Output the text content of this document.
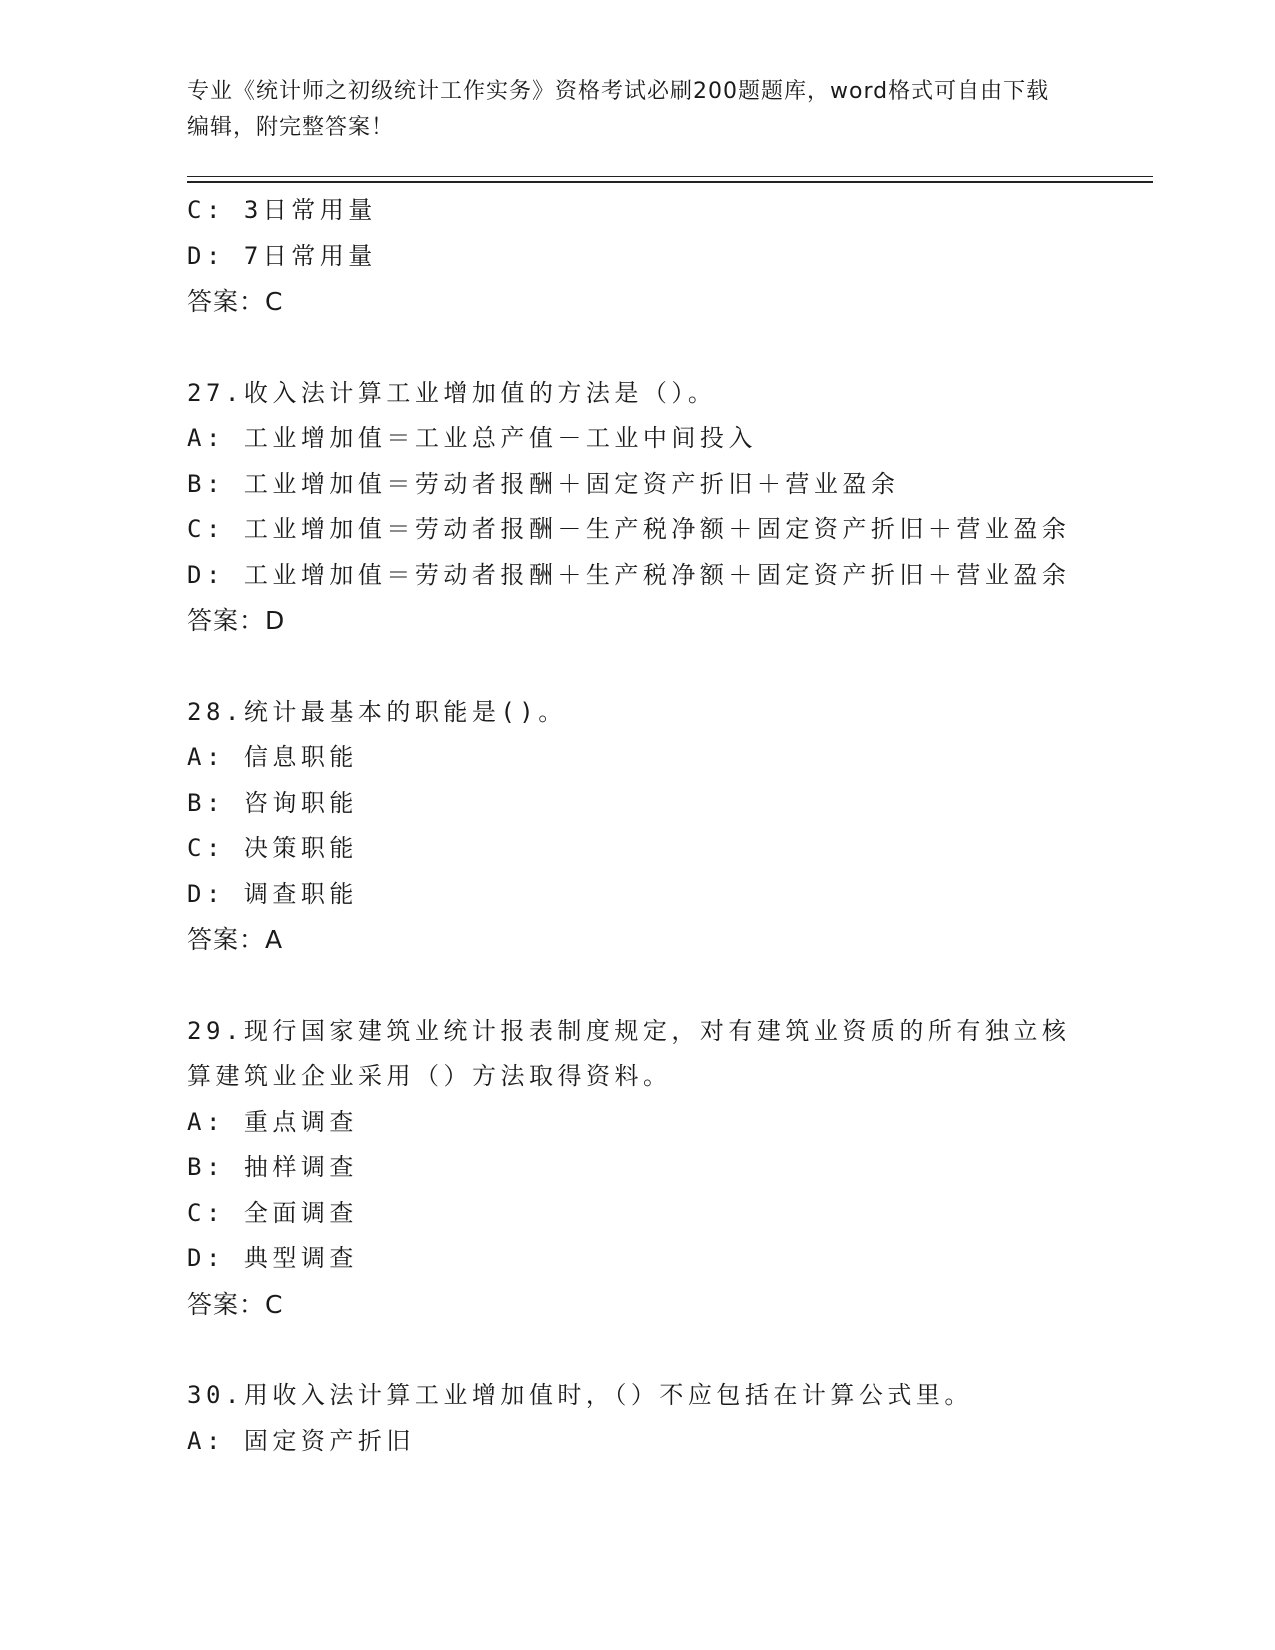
专业《统计师之初级统计工作实务》资格考试必刷200题题库，word格式可自由下载编辑，附完整答案！
C: 3日常用量
D: 7日常用量
答案：C
27.收入法计算工业增加值的方法是（）。
A: 工业增加值＝工业总产值－工业中间投入
B: 工业增加值＝劳动者报酬＋固定资产折旧＋营业盈余
C: 工业增加值＝劳动者报酬－生产税净额＋固定资产折旧＋营业盈余
D: 工业增加值＝劳动者报酬＋生产税净额＋固定资产折旧＋营业盈余
答案：D
28.统计最基本的职能是()。
A: 信息职能
B: 咨询职能
C: 决策职能
D: 调查职能
答案：A
29.现行国家建筑业统计报表制度规定，对有建筑业资质的所有独立核算建筑业企业采用（）方法取得资料。
A: 重点调查
B: 抽样调查
C: 全面调查
D: 典型调查
答案：C
30.用收入法计算工业增加值时，（）不应包括在计算公式里。
A: 固定资产折旧
